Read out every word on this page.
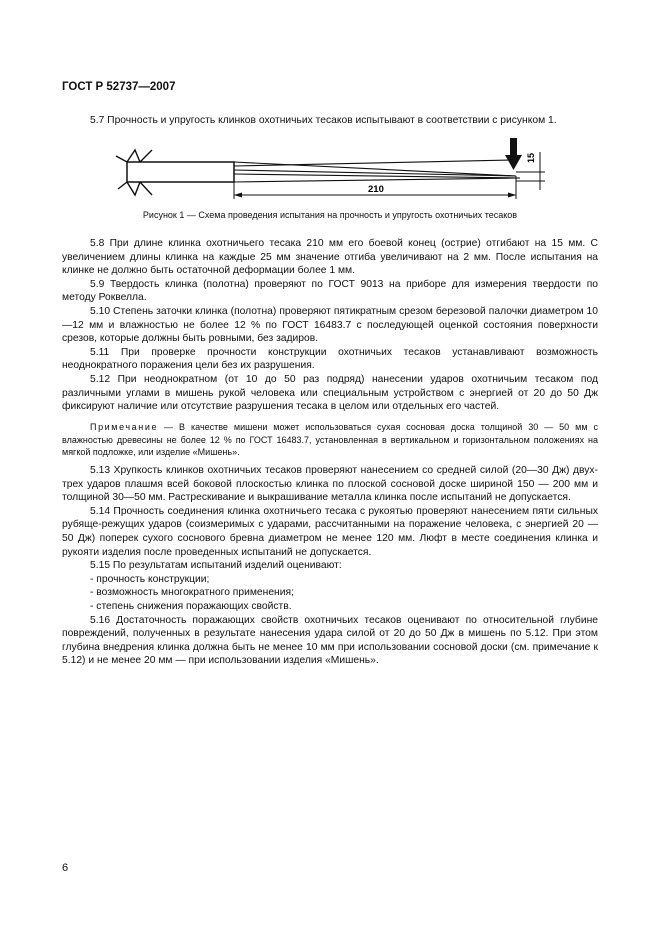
ГОСТ Р 52737—2007

5.7 Прочность и упругость клинков охотничьих тесаков испытывают в соответствии с рисунком 1.

15
210
Рисунок 1 — Схема проведения испытания на прочность и упругость охотничьих тесаков

5.8 При длине клинка охотничьего тесака 210 мм его боевой конец (острие) отгибают на 15 мм. С увеличением длины клинка на каждые 25 мм значение отгиба увеличивают на 2 мм. После испытания на клинке не должно быть остаточной деформации более 1 мм.

5.9 Твердость клинка (полотна) проверяют по ГОСТ 9013 на приборе для измерения твердости по методу Роквелла.

5.10 Степень заточки клинка (полотна) проверяют пятикратным срезом березовой палочки диаметром 10—12 мм и влажностью не более 12 % по ГОСТ 16483.7 с последующей оценкой состояния поверхности срезов, которые должны быть ровными, без задиров.

5.11 При проверке прочности конструкции охотничьих тесаков устанавливают возможность неоднократного поражения цели без их разрушения.

5.12 При неоднократном (от 10 до 50 раз подряд) нанесении ударов охотничьим тесаком под различными углами в мишень рукой человека или специальным устройством с энергией от 20 до 50 Дж фиксируют наличие или отсутствие разрушения тесака в целом или отдельных его частей.

Примечание — В качестве мишени может использоваться сухая сосновая доска толщиной 30 — 50 мм с влажностью древесины не более 12 % по ГОСТ 16483.7, установленная в вертикальном и горизонтальном положениях на мягкой подложке, или изделие «Мишень».

5.13 Хрупкость клинков охотничьих тесаков проверяют нанесением со средней силой (20—30 Дж) двух-трех ударов плашмя всей боковой плоскостью клинка по плоской сосновой доске шириной 150 — 200 мм и толщиной 30—50 мм. Растрескивание и выкрашивание металла клинка после испытаний не допускается.

5.14 Прочность соединения клинка охотничьего тесака с рукоятью проверяют нанесением пяти сильных рубяще-режущих ударов (соизмеримых с ударами, рассчитанными на поражение человека, с энергией 20 — 50 Дж) поперек сухого соснового бревна диаметром не менее 120 мм. Люфт в месте соединения клинка и рукояти изделия после проведенных испытаний не допускается.

5.15 По результатам испытаний изделий оценивают:

- прочность конструкции;

- возможность многократного применения;

- степень снижения поражающих свойств.

5.16 Достаточность поражающих свойств охотничьих тесаков оценивают по относительной глубине повреждений, полученных в результате нанесения удара силой от 20 до 50 Дж в мишень по 5.12. При этом глубина внедрения клинка должна быть не менее 10 мм при использовании сосновой доски (см. примечание к 5.12) и не менее 20 мм — при использовании изделия «Мишень».

6
